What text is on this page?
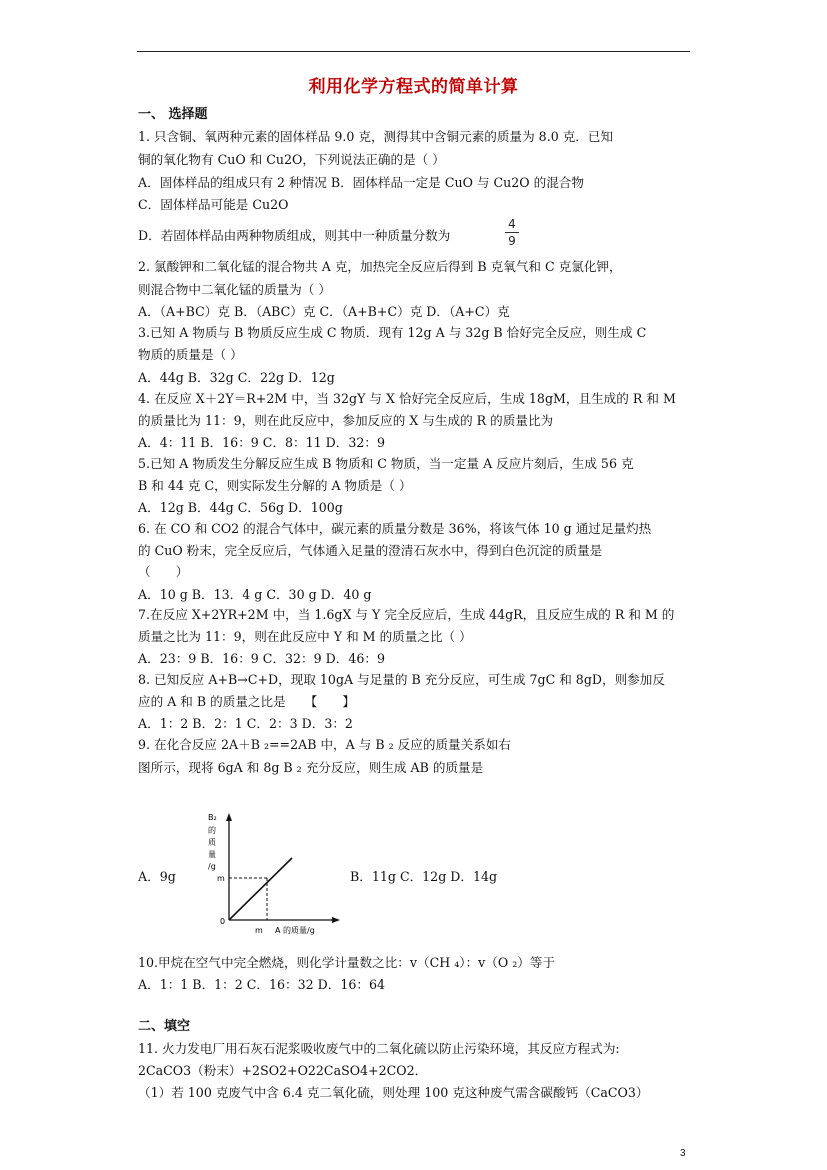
利用化学方程式的简单计算
一、 选择题
1. 只含铜、氧两种元素的固体样品 9.0 克，测得其中含铜元素的质量为 8.0 克．已知
铜的氧化物有 CuO 和 Cu2O，下列说法正确的是（ ）
A．固体样品的组成只有 2 种情况 B．固体样品一定是 CuO 与 Cu2O 的混合物
C．固体样品可能是 Cu2O
D．若固体样品由两种物质组成，则其中一种质量分数为
4
9
2. 氯酸钾和二氧化锰的混合物共 A 克，加热完全反应后得到 B 克氧气和 C 克氯化钾，
则混合物中二氧化锰的质量为（ ）
A．（A+BC）克 B．（ABC）克 C．（A+B+C）克 D．（A+C）克
3.已知 A 物质与 B 物质反应生成 C 物质．现有 12g A 与 32g B 恰好完全反应，则生成 C
物质的质量是（ ）
A．44g B．32g C．22g D．12g
4. 在反应 X＋2Y＝R+2M 中，当 32gY 与 X 恰好完全反应后，生成 18gM，且生成的 R 和 M
的质量比为 11：9，则在此反应中，参加反应的 X 与生成的 R 的质量比为
A．4：11 B．16：9 C．8：11 D．32：9
5.已知 A 物质发生分解反应生成 B 物质和 C 物质，当一定量 A 反应片刻后，生成 56 克
B 和 44 克 C，则实际发生分解的 A 物质是（ ）
A．12g B．44g C．56g D．100g
6. 在 CO 和 CO2 的混合气体中，碳元素的质量分数是 36%，将该气体 10 g 通过足量灼热
的 CuO 粉末，完全反应后，气体通入足量的澄清石灰水中，得到白色沉淀的质量是
（　　）
A．10 g B．13．4 g C．30 g D．40 g
7.在反应 X+2YR+2M 中，当 1.6gX 与 Y 完全反应后，生成 44gR，且反应生成的 R 和 M 的
质量之比为 11：9，则在此反应中 Y 和 M 的质量之比（ ）
A．23：9 B．16：9 C．32：9 D．46：9
8. 已知反应 A+B→C+D，现取 10gA 与足量的 B 充分反应，可生成 7gC 和 8gD，则参加反
应的 A 和 B 的质量之比是　　【　　】
A．1：2 B．2：1 C．2：3 D．3：2
9. 在化合反应 2A＋B ₂==2AB 中，A 与 B ₂ 反应的质量关系如右
图所示，现将 6gA 和 8g B ₂ 充分反应，则生成 AB 的质量是
B₂
的
质
量
/g
m
0
m A 的质量/g
A．9g	B．11g C．12g D．14g
10.甲烷在空气中完全燃烧，则化学计量数之比：v（CH ₄）：v（O ₂）等于
A．1：1 B．1：2 C．16：32 D．16：64
二、填空
11. 火力发电厂用石灰石泥浆吸收废气中的二氧化硫以防止污染环境，其反应方程式为:
2CaCO3（粉末）+2SO2+O22CaSO4+2CO2．
（1）若 100 克废气中含 6.4 克二氧化硫，则处理 100 克这种废气需含碳酸钙（CaCO3）
3
